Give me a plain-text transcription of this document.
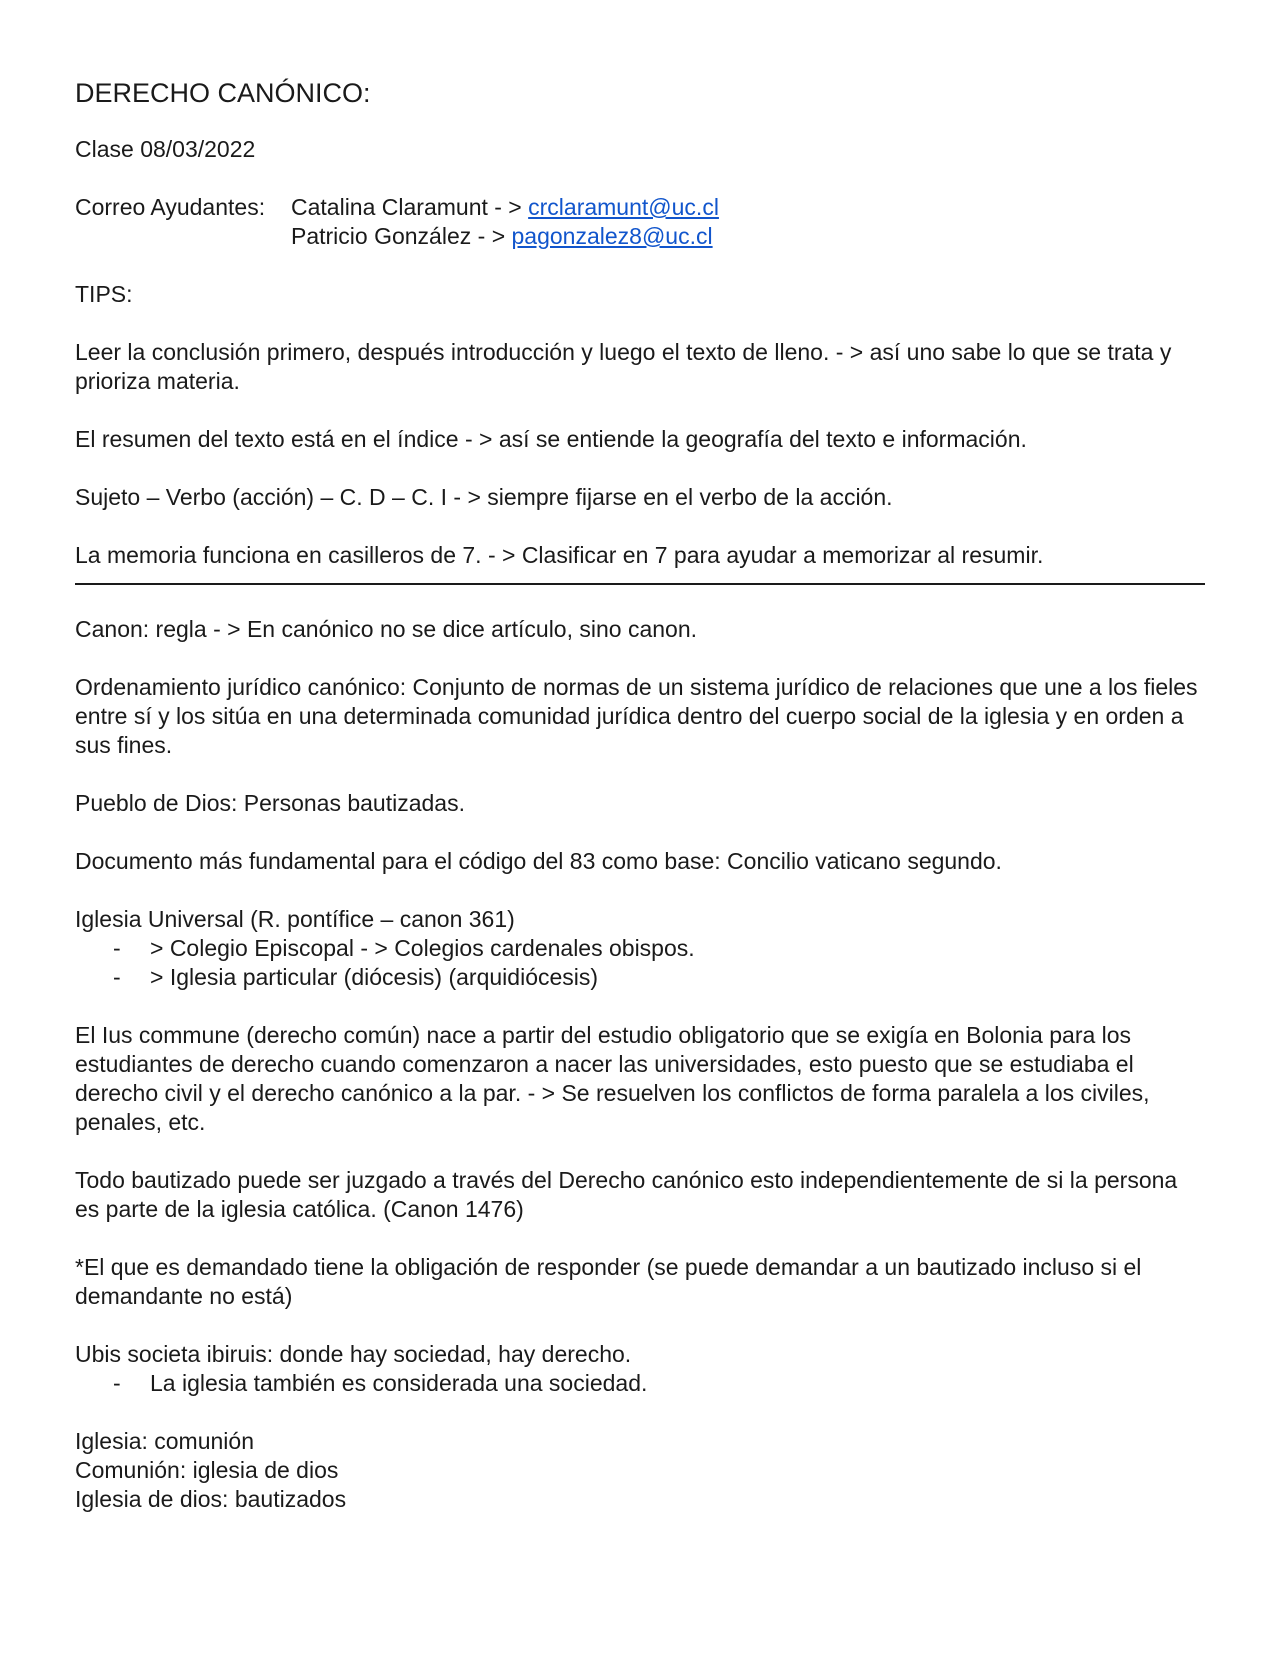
DERECHO CANÓNICO:

Clase 08/03/2022

Correo Ayudantes: Catalina Claramunt - > crclaramunt@uc.cl
Patricio González - > pagonzalez8@uc.cl

TIPS:

Leer la conclusión primero, después introducción y luego el texto de lleno. - > así uno sabe lo que se trata y prioriza materia.

El resumen del texto está en el índice - > así se entiende la geografía del texto e información.

Sujeto – Verbo (acción) – C. D – C. I - > siempre fijarse en el verbo de la acción.

La memoria funciona en casilleros de 7. - > Clasificar en 7 para ayudar a memorizar al resumir.

Canon: regla - > En canónico no se dice artículo, sino canon.

Ordenamiento jurídico canónico: Conjunto de normas de un sistema jurídico de relaciones que une a los fieles entre sí y los sitúa en una determinada comunidad jurídica dentro del cuerpo social de la iglesia y en orden a sus fines.

Pueblo de Dios: Personas bautizadas.

Documento más fundamental para el código del 83 como base: Concilio vaticano segundo.

Iglesia Universal (R. pontífice – canon 361)

- > Colegio Episcopal - > Colegios cardenales obispos.
- > Iglesia particular (diócesis) (arquidiócesis)

El Ius commune (derecho común) nace a partir del estudio obligatorio que se exigía en Bolonia para los estudiantes de derecho cuando comenzaron a nacer las universidades, esto puesto que se estudiaba el derecho civil y el derecho canónico a la par. - > Se resuelven los conflictos de forma paralela a los civiles, penales, etc.

Todo bautizado puede ser juzgado a través del Derecho canónico esto independientemente de si la persona es parte de la iglesia católica. (Canon 1476)

*El que es demandado tiene la obligación de responder (se puede demandar a un bautizado incluso si el demandante no está)

Ubis societa ibiruis: donde hay sociedad, hay derecho.

- La iglesia también es considerada una sociedad.

Iglesia: comunión

Comunión: iglesia de dios

Iglesia de dios: bautizados
